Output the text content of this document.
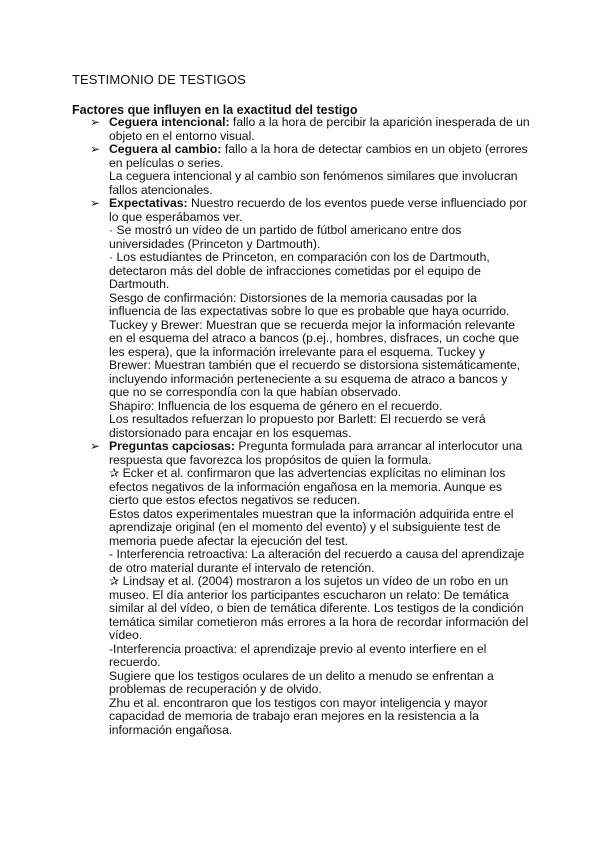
TESTIMONIO DE TESTIGOS
Factores que influyen en la exactitud del testigo

➢ Ceguera intencional: fallo a la hora de percibir la aparición inesperada de un objeto en el entorno visual.

➢ Ceguera al cambio: fallo a la hora de detectar cambios en un objeto (errores en películas o series.

La ceguera intencional y al cambio son fenómenos similares que involucran fallos atencionales.

➢ Expectativas: Nuestro recuerdo de los eventos puede verse influenciado por lo que esperábamos ver.

· Se mostró un vídeo de un partido de fútbol americano entre dos universidades (Princeton y Dartmouth).

· Los estudiantes de Princeton, en comparación con los de Dartmouth, detectaron más del doble de infracciones cometidas por el equipo de Dartmouth.

Sesgo de confirmación: Distorsiones de la memoria causadas por la influencia de las expectativas sobre lo que es probable que haya ocurrido.

Tuckey y Brewer: Muestran que se recuerda mejor la información relevante en el esquema del atraco a bancos (p.ej., hombres, disfraces, un coche que les espera), que la información irrelevante para el esquema. Tuckey y Brewer: Muestran también que el recuerdo se distorsiona sistemáticamente, incluyendo información perteneciente a su esquema de atraco a bancos y que no se correspondía con la que habían observado.

Shapiro: Influencia de los esquema de género en el recuerdo.

Los resultados refuerzan lo propuesto por Barlett: El recuerdo se verá distorsionado para encajar en los esquemas.

➢ Preguntas capciosas: Pregunta formulada para arrancar al interlocutor una respuesta que favorezca los propósitos de quien la formula.

✰ Ecker et al. confirmaron que las advertencias explícitas no eliminan los efectos negativos de la información engañosa en la memoria. Aunque es cierto que estos efectos negativos se reducen.

Estos datos experimentales muestran que la información adquirida entre el aprendizaje original (en el momento del evento) y el subsiguiente test de memoria puede afectar la ejecución del test.

- Interferencia retroactiva: La alteración del recuerdo a causa del aprendizaje de otro material durante el intervalo de retención.

✰ Lindsay et al. (2004) mostraron a los sujetos un vídeo de un robo en un museo. El día anterior los participantes escucharon un relato: De temática similar al del vídeo, o bien de temática diferente. Los testigos de la condición temática similar cometieron más errores a la hora de recordar información del vídeo.

-Interferencia proactiva: el aprendizaje previo al evento interfiere en el recuerdo.

Sugiere que los testigos oculares de un delito a menudo se enfrentan a problemas de recuperación y de olvido.

Zhu et al. encontraron que los testigos con mayor inteligencia y mayor capacidad de memoria de trabajo eran mejores en la resistencia a la información engañosa.
